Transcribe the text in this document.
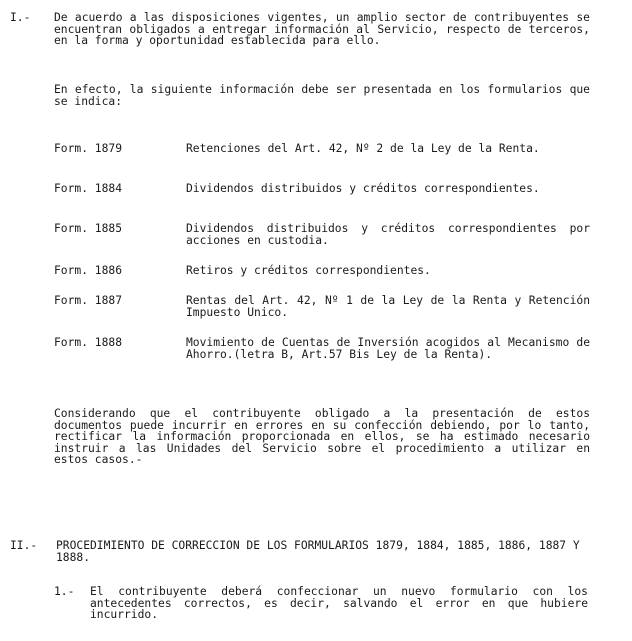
I.- De acuerdo a las disposiciones vigentes, un amplio sector de contribuyentes se encuentran obligados a entregar información al Servicio, respecto de terceros, en la forma y oportunidad establecida para ello.
En efecto, la siguiente información debe ser presentada en los formularios que se indica:
Form. 1879	Retenciones del Art. 42, Nº 2 de la Ley de la Renta.
Form. 1884	Dividendos distribuidos y créditos correspondientes.
Form. 1885	Dividendos distribuidos y créditos correspondientes por acciones en custodia.
Form. 1886	Retiros y créditos correspondientes.
Form. 1887	Rentas del Art. 42, Nº 1 de la Ley de la Renta y Retención Impuesto Unico.
Form. 1888	Movimiento de Cuentas de Inversión acogidos al Mecanismo de Ahorro.(letra B, Art.57 Bis Ley de la Renta).
Considerando que el contribuyente obligado a la presentación de estos documentos puede incurrir en errores en su confección debiendo, por lo tanto, rectificar la información proporcionada en ellos, se ha estimado necesario instruir a las Unidades del Servicio sobre el procedimiento a utilizar en estos casos.-
II.- PROCEDIMIENTO DE CORRECCION DE LOS FORMULARIOS 1879, 1884, 1885, 1886, 1887 Y 1888.
1.- El contribuyente deberá confeccionar un nuevo formulario con los antecedentes correctos, es decir, salvando el error en que hubiere incurrido.
